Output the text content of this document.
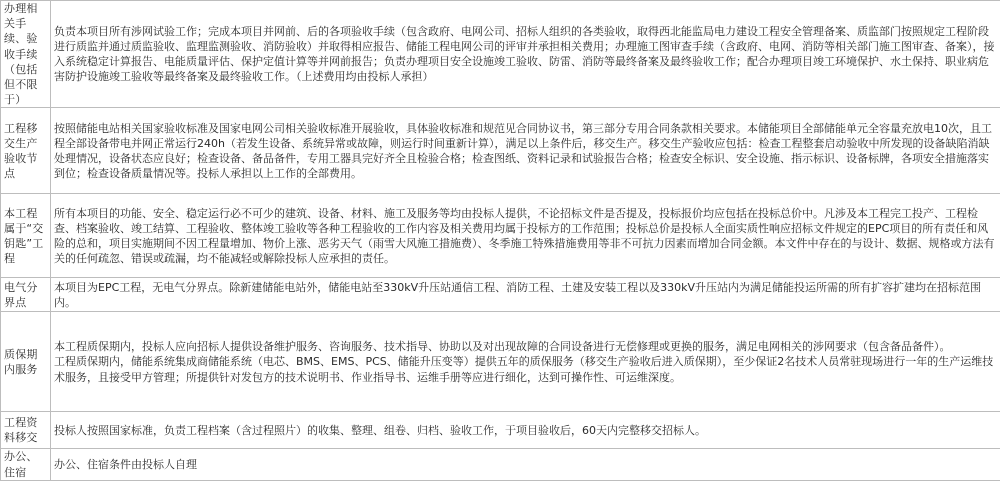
办理相关手续、验收手续（包括但不限于）	负责本项目所有涉网试验工作；完成本项目并网前、后的各项验收手续（包含政府、电网公司、招标人组织的各类验收，取得西北能监局电力建设工程安全管理备案、质监部门按照规定工程阶段进行质监并通过质监验收、监理监测验收、消防验收）并取得相应报告、储能工程电网公司的评审并承担相关费用；办理施工图审查手续（含政府、电网、消防等相关部门施工图审查、备案），接入系统稳定计算报告、电能质量评估、保护定值计算等并网前报告；负责办理项目安全设施竣工验收、防雷、消防等最终备案及最终验收工作；配合办理项目竣工环境保护、水土保持、职业病危害防护设施竣工验收等最终备案及最终验收工作。（上述费用均由投标人承担）
工程移交生产验收节点	按照储能电站相关国家验收标准及国家电网公司相关验收标准开展验收，具体验收标准和规范见合同协议书，第三部分专用合同条款相关要求。本储能项目全部储能单元全容量充放电10次，且工程全部设备带电并网正常运行240h（若发生设备、系统异常或故障，则运行时间重新计算），满足以上条件后，移交生产。移交生产验收应包括：检查工程整套启动验收中所发现的设备缺陷消缺处理情况，设备状态应良好；检查设备、备品备件，专用工器具完好齐全且检验合格；检查图纸、资料记录和试验报告合格；检查安全标识、安全设施、指示标识、设备标牌，各项安全措施落实到位；检查设备质量情况等。投标人承担以上工作的全部费用。
本工程属于“交钥匙”工程	所有本项目的功能、安全、稳定运行必不可少的建筑、设备、材料、施工及服务等均由投标人提供，不论招标文件是否提及，投标报价均应包括在投标总价中。凡涉及本工程完工投产、工程检查、档案验收、竣工结算、工程验收、整体竣工验收等各种工程验收的工作内容及相关费用均属于投标方的工作范围；投标总价是投标人全面实质性响应招标文件规定的EPC项目的所有责任和风险的总和，项目实施期间不因工程量增加、物价上涨、恶劣天气（雨雪大风施工措施费）、冬季施工特殊措施费用等非不可抗力因素而增加合同金额。本文件中存在的与设计、数据、规格或方法有关的任何疏忽、错误或疏漏，均不能减轻或解除投标人应承担的责任。
电气分界点	本项目为EPC工程，无电气分界点。除新建储能电站外，储能电站至330kV升压站通信工程、消防工程、土建及安装工程以及330kV升压站内为满足储能投运所需的所有扩容扩建均在招标范围内。
质保期内服务	本工程质保期内，投标人应向招标人提供设备维护服务、咨询服务、技术指导、协助以及对出现故障的合同设备进行无偿修理或更换的服务，满足电网相关的涉网要求（包含备品备件）。

工程质保期内，储能系统集成商储能系统（电芯、BMS、EMS、PCS、储能升压变等）提供五年的质保服务（移交生产验收后进入质保期），至少保证2名技术人员常驻现场进行一年的生产运维技术服务，且接受甲方管理；所提供针对发包方的技术说明书、作业指导书、运维手册等应进行细化，达到可操作性、可运维深度。

工程资料移交	投标人按照国家标准，负责工程档案（含过程照片）的收集、整理、组卷、归档、验收工作，于项目验收后，60天内完整移交招标人。
办公、住宿	办公、住宿条件由投标人自理
